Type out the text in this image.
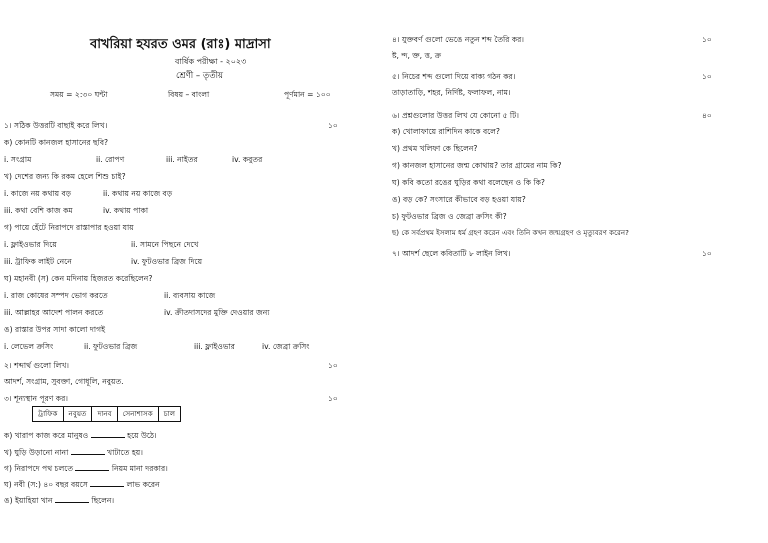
বাখরিয়া হযরত ওমর (রাঃ) মাদ্রাসা
বার্ষিক পরীক্ষা - ২০২৩
শ্রেণী – তৃতীয়
সময় = ২:৩০ ঘন্টা	বিষয় – বাংলা	পূর্ণমান = ১০০
১। সঠিক উত্তরটি বাছাই করে লিখ।	১০
ক) কোনটি কানজল হাসানের ছবি?
i. সংগ্রাম	ii. রোপণ	iii. নাইতর	iv. কবুতর
খ) দেশের জন্য কি রকম হেলে শিশু চাই?
i. কাজে নয় কথায় বড়	ii. কথায় নয় কাজে বড়
iii. কথা বেশি কাজ কম	iv. কথায় পাকা
গ) পায়ে হেঁটে নিরাপদে রাস্তাপার হওয়া যায়
i. ফ্লাইওভার দিয়ে	ii. সামনে পিছনে দেখে
iii. ট্রাফিক লাইট নেনে	iv. ফুটওভার ব্রিজ দিয়ে
ঘ) মহানবী (স) কেন মদিনায় হিজরত করেছিলেন?
i. রাজ কোষের সম্পদ ভোগ করতে	ii. ব্যবসায় কাজে
iii. আল্লাহর আদেশ পালন করতে	iv. ক্রীতদাসদের মুক্তি দেওয়ার জন্য
ঙ) রাস্তার উপর সাদা কালো দাগই
i. লেভেল ক্রসিং	ii. ফুটওভার ব্রিজ	iii. ফ্লাইওভার	iv. জেব্রা ক্রসিং
২। শব্দার্থ গুলো লিখ।	১০
আদর্শ, সংগ্রাম, সুবক্তা, গোধূলি, নবুয়ত.
৩। শূন্যস্থান পূরণ কর।	১০
ট্রাফিক	নবুয়ত	দানব	সেনাশাসক	চাল
ক) খারাপ কাজ করে মানুষও	হয়ে উঠে।
খ) ঘুড়ি উড়ানো নানা	খাটাতে হয়।
গ) নিরাপদে পথ চলতে	নিয়ম মানা দরকার।
ঘ) নবী (স:) ৪০ বছর বয়সে	লাভ করেন
ঙ) ইয়াহিয়া খান	ছিলেন।
৪। যুক্তবর্ণ গুলো ভেঙে নতুন শব্দ তৈরি কর।	১০
ষ্ট, ন্দ, ক্ত, ত্ত, ক্র
৫। নিচের শব্দ গুলো দিয়ে বাক্য গঠন কর।	১০
তাড়াতাড়ি, শহর, নির্দিষ্ট, ফলাফল, নাম।
৬। প্রশ্নগুলোর উত্তর লিখ যে কোনো ৫ টি।	৪০
ক) খোলাফায়ে রাশিদিন কাকে বলে?
খ) প্রথম খলিফা কে ছিলেন?
গ) কানজল হাসানের জন্ম কোথায়? তার গ্রামের নাম কি?
ঘ) কবি কতো রঙের ঘুড়ির কথা বলেছেন ও কি কি?
ঙ) বড় কে? সংসারে কীভাবে বড় হওয়া যায়?
চ) ফুটওভার ব্রিজ ও জেব্রা ক্রসিং কী?
ছ) কে সর্বপ্রথম ইসলাম ধর্ম গ্রহণ করেন এবং তিনি কখন জন্মগ্রহণ ও মৃত্যুবরণ করেন?
৭। আদর্শ ছেলে কবিতাটি ৮ লাইন লিখ।	১০
